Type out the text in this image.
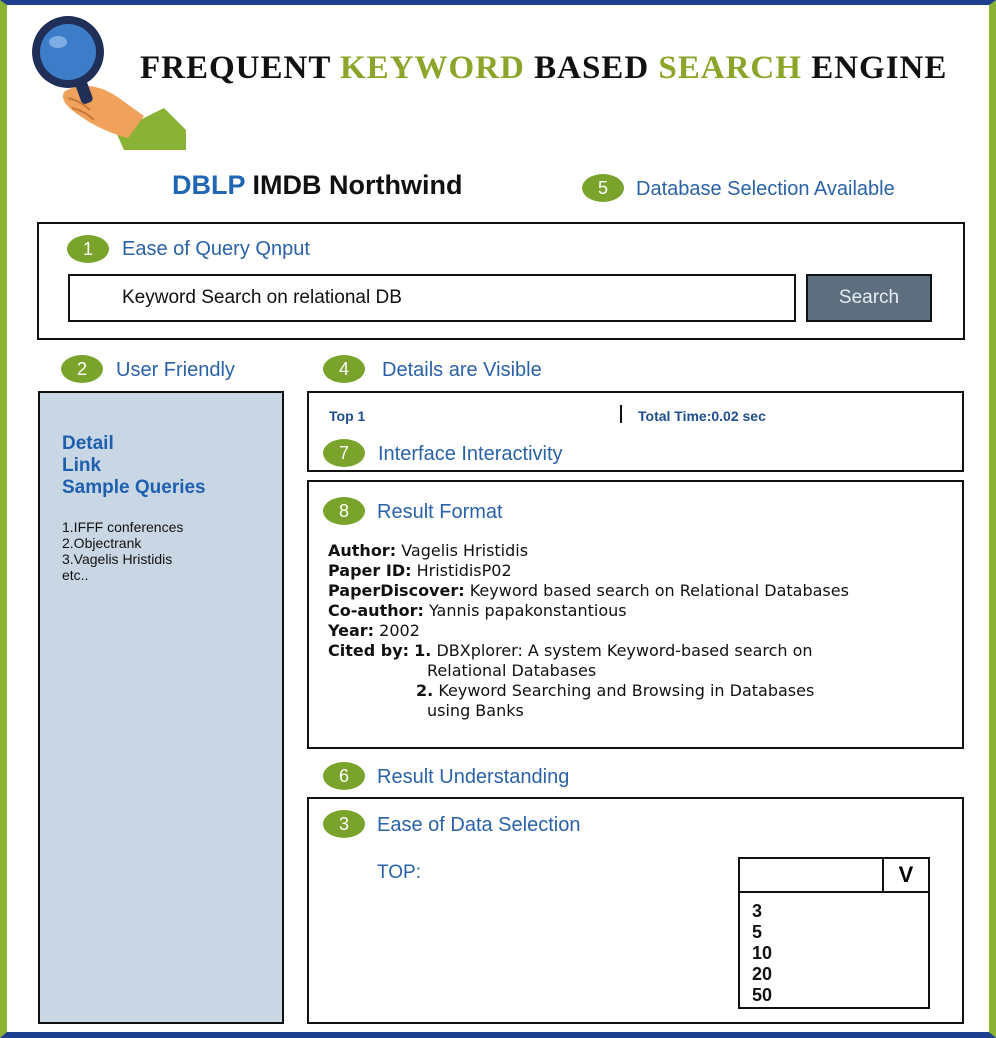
FREQUENT KEYWORD BASED SEARCH ENGINE
DBLP IMDB Northwind	5	Database Selection Available
1	Ease of Query Qnput
Keyword Search on relational DB	Search
2	User Friendly
Detail
Link
Sample Queries
1.IFFF conferences
2.Objectrank
3.Vagelis Hristidis
etc..
4	Details are Visible
Top 1	Total Time:0.02 sec
7	Interface Interactivity
8	Result Format
Author: Vagelis Hristidis
Paper ID: HristidisP02
PaperDiscover: Keyword based search on Relational Databases
Co-author: Yannis papakonstantious
Year: 2002
Cited by: 1. DBXplorer: A system Keyword-based search on
Relational Databases
2. Keyword Searching and Browsing in Databases
using Banks
6	Result Understanding
3	Ease of Data Selection
TOP:	V
3
5
10
20
50
